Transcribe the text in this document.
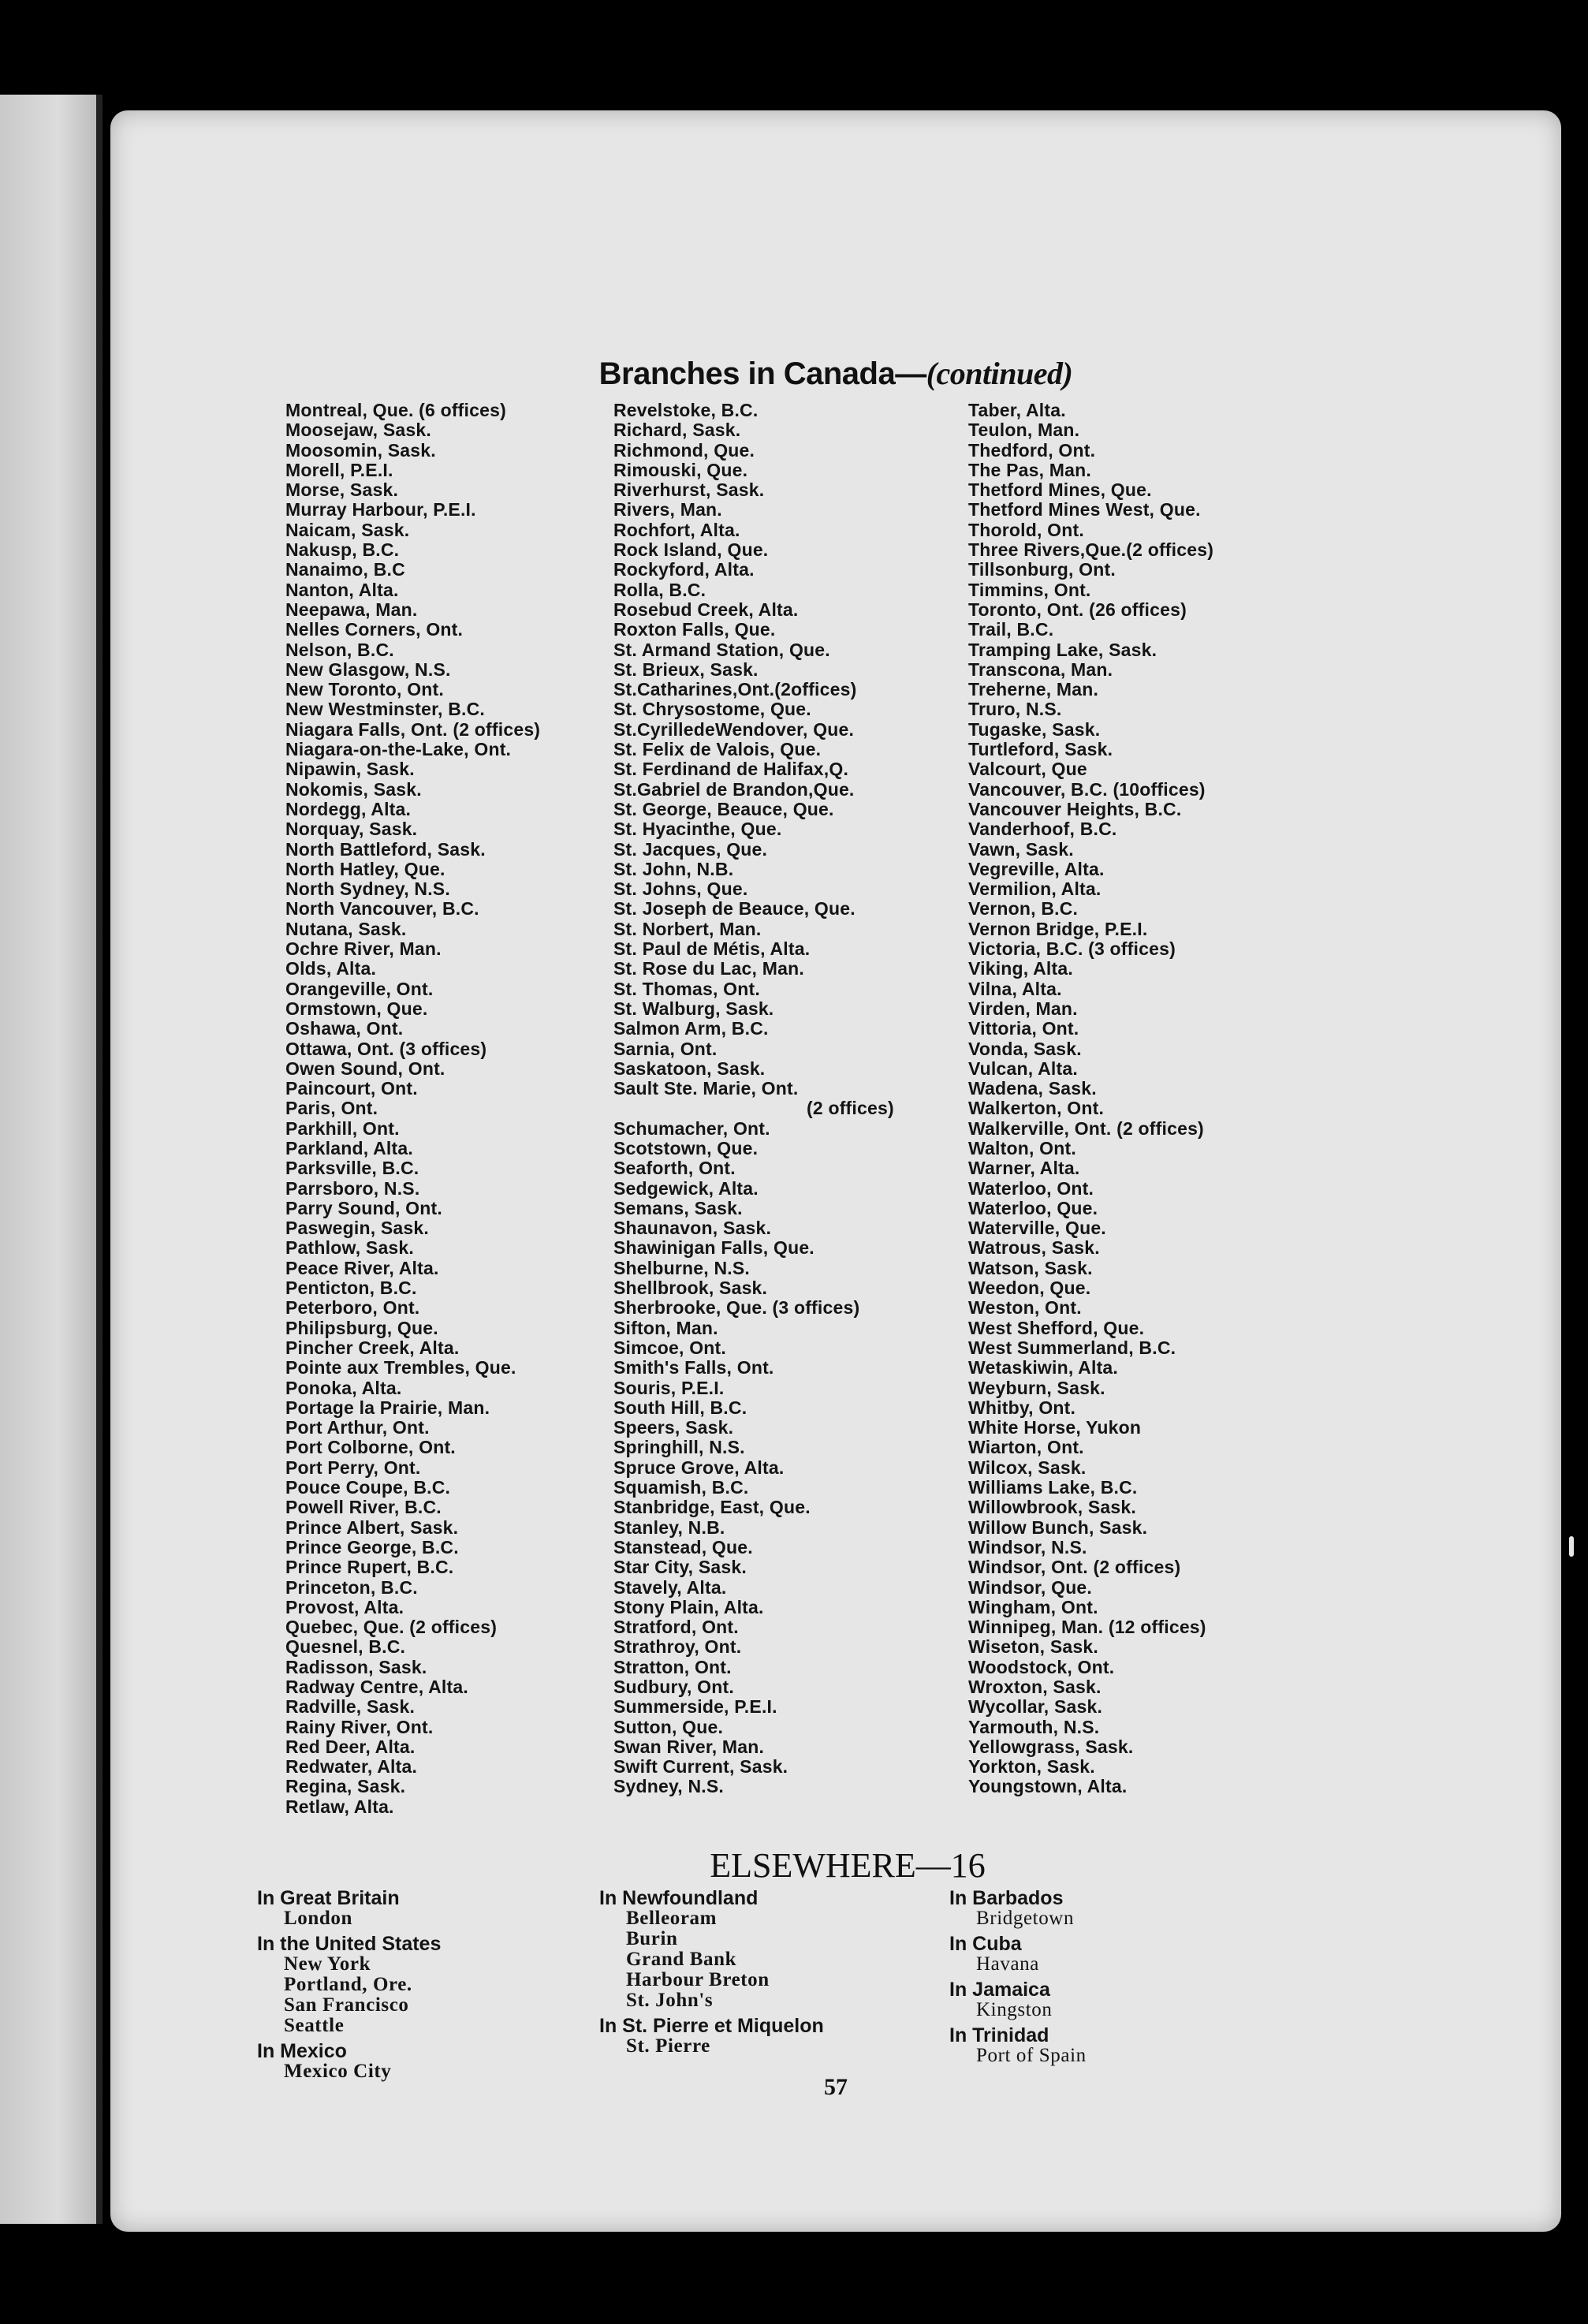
Branches in Canada—(continued)
Montreal, Que. (6 offices)
Moosejaw, Sask.
Moosomin, Sask.
Morell, P.E.I.
Morse, Sask.
Murray Harbour, P.E.I.
Naicam, Sask.
Nakusp, B.C.
Nanaimo, B.C
Nanton, Alta.
Neepawa, Man.
Nelles Corners, Ont.
Nelson, B.C.
New Glasgow, N.S.
New Toronto, Ont.
New Westminster, B.C.
Niagara Falls, Ont. (2 offices)
Niagara-on-the-Lake, Ont.
Nipawin, Sask.
Nokomis, Sask.
Nordegg, Alta.
Norquay, Sask.
North Battleford, Sask.
North Hatley, Que.
North Sydney, N.S.
North Vancouver, B.C.
Nutana, Sask.
Ochre River, Man.
Olds, Alta.
Orangeville, Ont.
Ormstown, Que.
Oshawa, Ont.
Ottawa, Ont. (3 offices)
Owen Sound, Ont.
Paincourt, Ont.
Paris, Ont.
Parkhill, Ont.
Parkland, Alta.
Parksville, B.C.
Parrsboro, N.S.
Parry Sound, Ont.
Paswegin, Sask.
Pathlow, Sask.
Peace River, Alta.
Penticton, B.C.
Peterboro, Ont.
Philipsburg, Que.
Pincher Creek, Alta.
Pointe aux Trembles, Que.
Ponoka, Alta.
Portage la Prairie, Man.
Port Arthur, Ont.
Port Colborne, Ont.
Port Perry, Ont.
Pouce Coupe, B.C.
Powell River, B.C.
Prince Albert, Sask.
Prince George, B.C.
Prince Rupert, B.C.
Princeton, B.C.
Provost, Alta.
Quebec, Que. (2 offices)
Quesnel, B.C.
Radisson, Sask.
Radway Centre, Alta.
Radville, Sask.
Rainy River, Ont.
Red Deer, Alta.
Redwater, Alta.
Regina, Sask.
Retlaw, Alta.
Revelstoke, B.C.
Richard, Sask.
Richmond, Que.
Rimouski, Que.
Riverhurst, Sask.
Rivers, Man.
Rochfort, Alta.
Rock Island, Que.
Rockyford, Alta.
Rolla, B.C.
Rosebud Creek, Alta.
Roxton Falls, Que.
St. Armand Station, Que.
St. Brieux, Sask.
St.Catharines,Ont.(2offices)
St. Chrysostome, Que.
St.CyrilledeWendover, Que.
St. Felix de Valois, Que.
St. Ferdinand de Halifax,Q.
St.Gabriel de Brandon,Que.
St. George, Beauce, Que.
St. Hyacinthe, Que.
St. Jacques, Que.
St. John, N.B.
St. Johns, Que.
St. Joseph de Beauce, Que.
St. Norbert, Man.
St. Paul de Métis, Alta.
St. Rose du Lac, Man.
St. Thomas, Ont.
St. Walburg, Sask.
Salmon Arm, B.C.
Sarnia, Ont.
Saskatoon, Sask.
Sault Ste. Marie, Ont.
(2 offices)
Schumacher, Ont.
Scotstown, Que.
Seaforth, Ont.
Sedgewick, Alta.
Semans, Sask.
Shaunavon, Sask.
Shawinigan Falls, Que.
Shelburne, N.S.
Shellbrook, Sask.
Sherbrooke, Que. (3 offices)
Sifton, Man.
Simcoe, Ont.
Smith's Falls, Ont.
Souris, P.E.I.
South Hill, B.C.
Speers, Sask.
Springhill, N.S.
Spruce Grove, Alta.
Squamish, B.C.
Stanbridge, East, Que.
Stanley, N.B.
Stanstead, Que.
Star City, Sask.
Stavely, Alta.
Stony Plain, Alta.
Stratford, Ont.
Strathroy, Ont.
Stratton, Ont.
Sudbury, Ont.
Summerside, P.E.I.
Sutton, Que.
Swan River, Man.
Swift Current, Sask.
Sydney, N.S.
Taber, Alta.
Teulon, Man.
Thedford, Ont.
The Pas, Man.
Thetford Mines, Que.
Thetford Mines West, Que.
Thorold, Ont.
Three Rivers,Que.(2 offices)
Tillsonburg, Ont.
Timmins, Ont.
Toronto, Ont. (26 offices)
Trail, B.C.
Tramping Lake, Sask.
Transcona, Man.
Treherne, Man.
Truro, N.S.
Tugaske, Sask.
Turtleford, Sask.
Valcourt, Que
Vancouver, B.C. (10offices)
Vancouver Heights, B.C.
Vanderhoof, B.C.
Vawn, Sask.
Vegreville, Alta.
Vermilion, Alta.
Vernon, B.C.
Vernon Bridge, P.E.I.
Victoria, B.C. (3 offices)
Viking, Alta.
Vilna, Alta.
Virden, Man.
Vittoria, Ont.
Vonda, Sask.
Vulcan, Alta.
Wadena, Sask.
Walkerton, Ont.
Walkerville, Ont. (2 offices)
Walton, Ont.
Warner, Alta.
Waterloo, Ont.
Waterloo, Que.
Waterville, Que.
Watrous, Sask.
Watson, Sask.
Weedon, Que.
Weston, Ont.
West Shefford, Que.
West Summerland, B.C.
Wetaskiwin, Alta.
Weyburn, Sask.
Whitby, Ont.
White Horse, Yukon
Wiarton, Ont.
Wilcox, Sask.
Williams Lake, B.C.
Willowbrook, Sask.
Willow Bunch, Sask.
Windsor, N.S.
Windsor, Ont. (2 offices)
Windsor, Que.
Wingham, Ont.
Winnipeg, Man. (12 offices)
Wiseton, Sask.
Woodstock, Ont.
Wroxton, Sask.
Wycollar, Sask.
Yarmouth, N.S.
Yellowgrass, Sask.
Yorkton, Sask.
Youngstown, Alta.
ELSEWHERE—16
In Great Britain
London
In the United States
New York
Portland, Ore.
San Francisco
Seattle
In Mexico
Mexico City
In Newfoundland
Belleoram
Burin
Grand Bank
Harbour Breton
St. John's
In St. Pierre et Miquelon
St. Pierre
In Barbados
Bridgetown
In Cuba
Havana
In Jamaica
Kingston
In Trinidad
Port of Spain
57
